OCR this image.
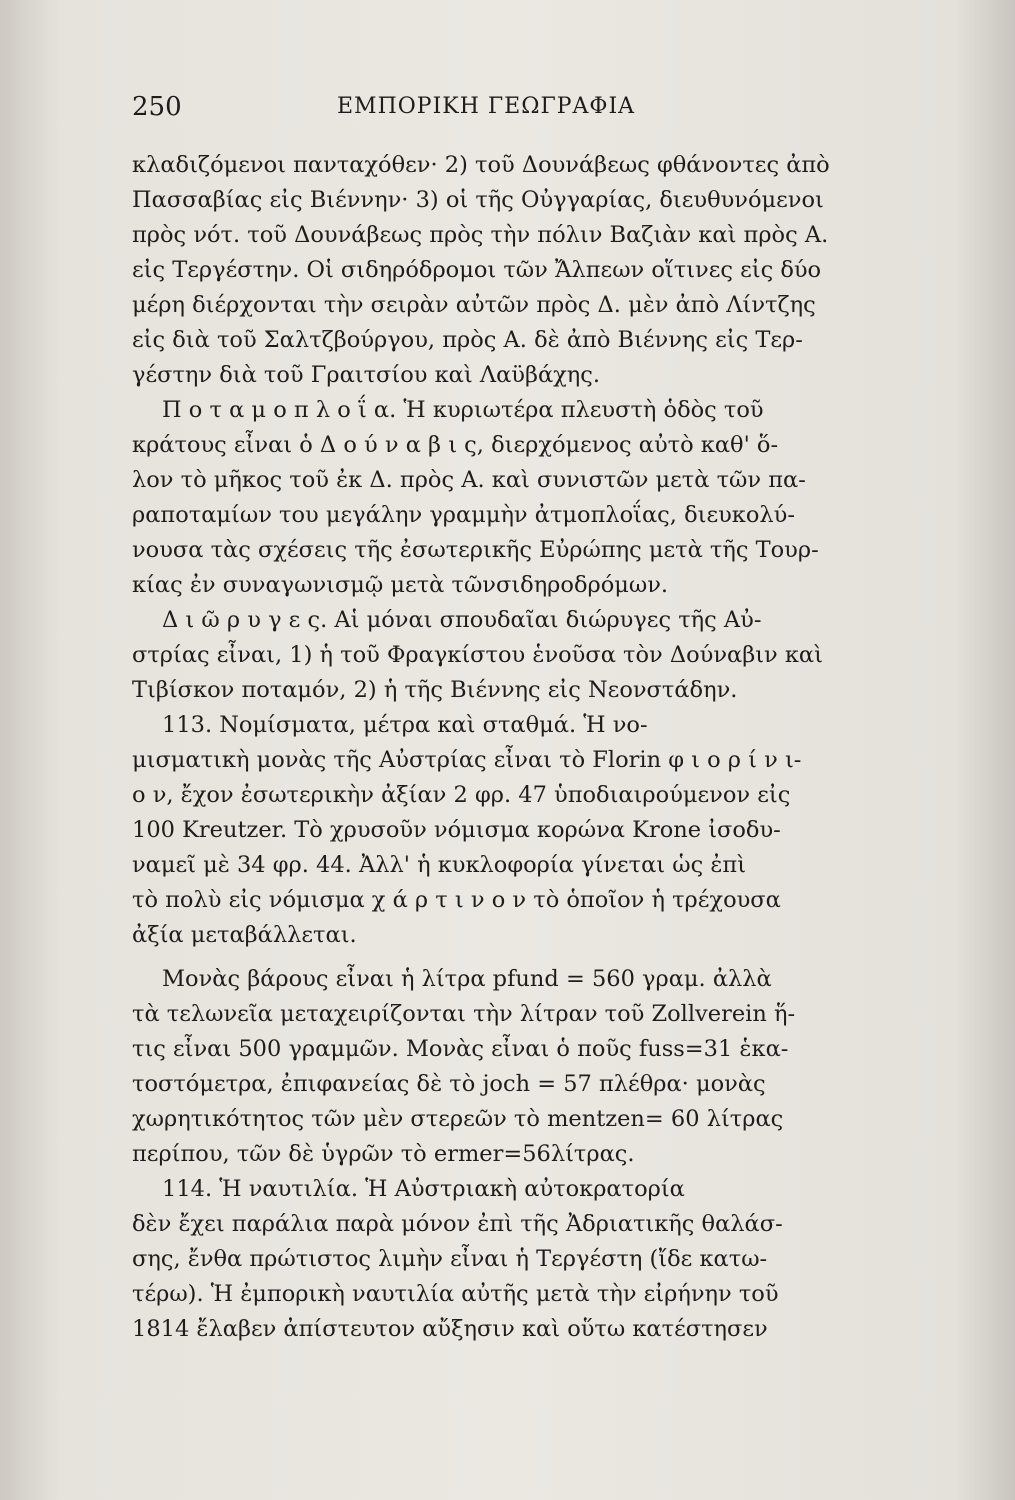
250	ΕΜΠΟΡΙΚΗ ΓΕΩΓΡΑΦΙΑ
κλαδιζόμενοι πανταχόθεν· 2) τοῦ Δουνάβεως φθάνοντες ἀπὸ
Πασσαβίας εἰς Βιέννην· 3) οἱ τῆς Οὐγγαρίας, διευθυνόμενοι
πρὸς νότ. τοῦ Δουνάβεως πρὸς τὴν πόλιν Βαζιὰν καὶ πρὸς Α.
εἰς Τεργέστην. Οἱ σιδηρόδρομοι τῶν Ἄλπεων οἵτινες εἰς δύο
μέρη διέρχονται τὴν σειρὰν αὐτῶν πρὸς Δ. μὲν ἀπὸ Λίντζης
εἰς διὰ τοῦ Σαλτζβούργου, πρὸς Α. δὲ ἀπὸ Βιέννης εἰς Τερ-
γέστην διὰ τοῦ Γραιτσίου καὶ Λαϋβάχης.
Π ο τ α μ ο π λ ο ΐ α. Ἡ κυριωτέρα πλευστὴ ὁδὸς τοῦ
κράτους εἶναι ὁ Δ ο ύ ν α β ι ς, διερχόμενος αὐτὸ καθ' ὅ-
λον τὸ μῆκος τοῦ ἐκ Δ. πρὸς Α. καὶ συνιστῶν μετὰ τῶν πα-
ραποταμίων του μεγάλην γραμμὴν ἀτμοπλοΐας, διευκολύ-
νουσα τὰς σχέσεις τῆς ἐσωτερικῆς Εὐρώπης μετὰ τῆς Τουρ-
κίας ἐν συναγωνισμῷ μετὰ τῶνσιδηροδρόμων.
Δ ι ῶ ρ υ γ ε ς. Αἱ μόναι σπουδαῖαι διώρυγες τῆς Αὐ-
στρίας εἶναι, 1) ἡ τοῦ Φραγκίστου ἑνοῦσα τὸν Δούναβιν καὶ
Τιβίσκον ποταμόν, 2) ἡ τῆς Βιέννης εἰς Νεονστάδην.
113. Νομίσματα, μέτρα καὶ σταθμά. Ἡ νο-
μισματικὴ μονὰς τῆς Αὐστρίας εἶναι τὸ Florin φ ι ο ρ ί ν ι-
ο ν, ἔχον ἐσωτερικὴν ἀξίαν 2 φρ. 47 ὑποδιαιρούμενον εἰς
100 Kreutzer. Τὸ χρυσοῦν νόμισμα κορώνα Krone ἰσοδυ-
ναμεῖ μὲ 34 φρ. 44. Ἀλλ' ἡ κυκλοφορία γίνεται ὡς ἐπὶ
τὸ πολὺ εἰς νόμισμα χ ά ρ τ ι ν ο ν τὸ ὁποῖον ἡ τρέχουσα
ἀξία μεταβάλλεται.
Μονὰς βάρους εἶναι ἡ λίτρα pfund = 560 γραμ. ἀλλὰ
τὰ τελωνεῖα μεταχειρίζονται τὴν λίτραν τοῦ Zollverein ἥ-
τις εἶναι 500 γραμμῶν. Μονὰς εἶναι ὁ ποῦς fuss=31 ἑκα-
τοστόμετρα, ἐπιφανείας δὲ τὸ joch = 57 πλέθρα· μονὰς
χωρητικότητος τῶν μὲν στερεῶν τὸ mentzen= 60 λίτρας
περίπου, τῶν δὲ ὑγρῶν τὸ ermer=56λίτρας.
114. Ἡ ναυτιλία. Ἡ Αὐστριακὴ αὐτοκρατορία
δὲν ἔχει παράλια παρὰ μόνον ἐπὶ τῆς Ἀδριατικῆς θαλάσ-
σης, ἔνθα πρώτιστος λιμὴν εἶναι ἡ Τεργέστη (ἴδε κατω-
τέρω). Ἡ ἐμπορικὴ ναυτιλία αὐτῆς μετὰ τὴν εἰρήνην τοῦ
1814 ἔλαβεν ἀπίστευτον αὔξησιν καὶ οὕτω κατέστησεν
